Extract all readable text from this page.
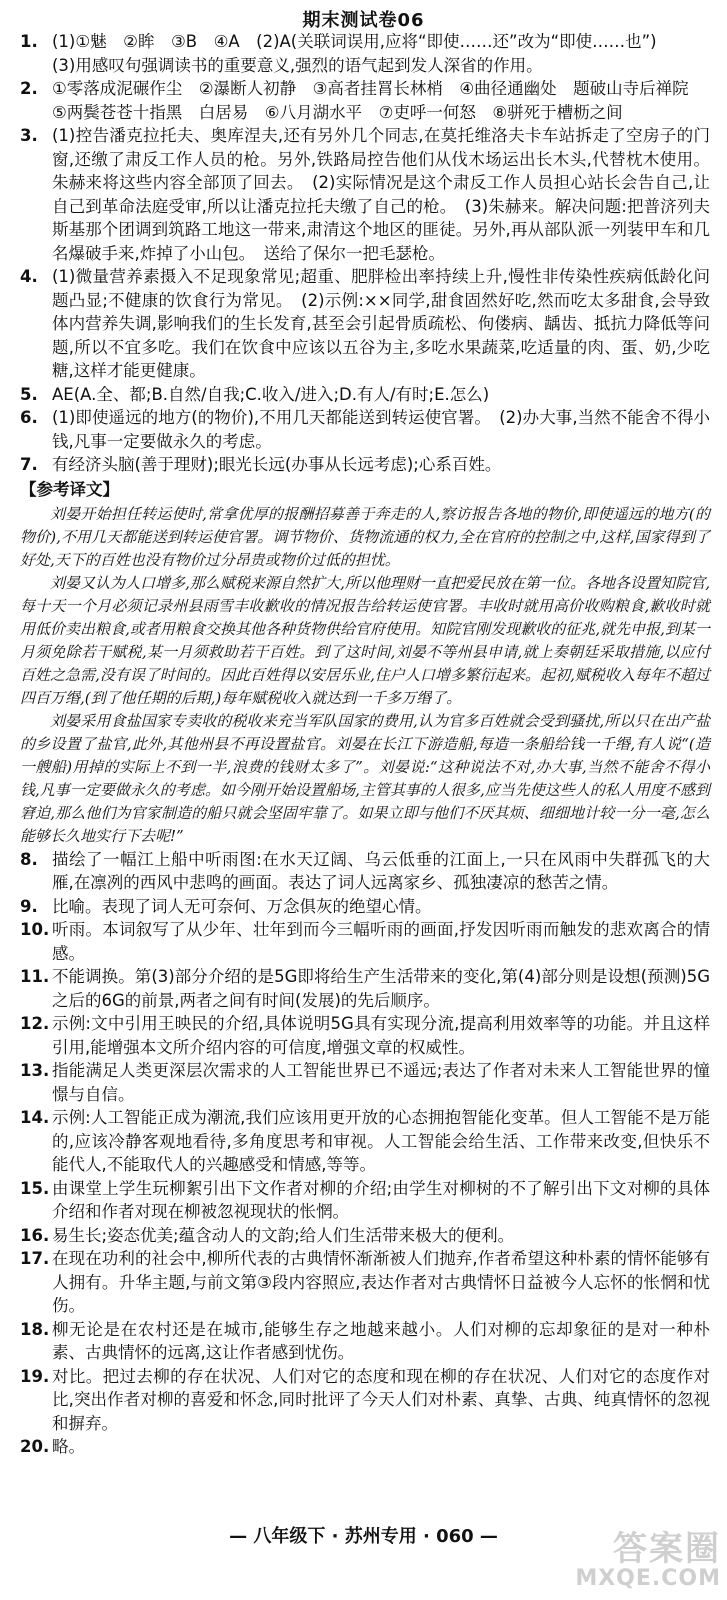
期末测试卷06
1. (1)①魅　②眸　③B　④A　(2)A(关联词误用,应将“即使……还”改为“即使……也”)
(3)用感叹句强调读书的重要意义,强烈的语气起到发人深省的作用。
2. ①零落成泥碾作尘　②瀑断人初静　③高者挂罥长林梢　④曲径通幽处　题破山寺后禅院
⑤两鬓苍苍十指黑　白居易　⑥八月湖水平　⑦吏呼一何怒　⑧骈死于槽枥之间
3. (1)控告潘克拉托夫、奥库涅夫,还有另外几个同志,在莫托维洛夫卡车站拆走了空房子的门窗,还缴了肃反工作人员的枪。另外,铁路局控告他们从伐木场运出长木头,代替枕木使用。朱赫来将这些内容全部顶了回去。　(2)实际情况是这个肃反工作人员担心站长会告自己,让自己到革命法庭受审,所以让潘克拉托夫缴了自己的枪。　(3)朱赫来。解决问题:把普济列夫斯基那个团调到筑路工地这一带来,肃清这个地区的匪徒。另外,再从部队派一列装甲车和几名爆破手来,炸掉了小山包。　送给了保尔一把毛瑟枪。
4. (1)微量营养素摄入不足现象常见;超重、肥胖检出率持续上升,慢性非传染性疾病低龄化问题凸显;不健康的饮食行为常见。　(2)示例:××同学,甜食固然好吃,然而吃太多甜食,会导致体内营养失调,影响我们的生长发育,甚至会引起骨质疏松、佝偻病、龋齿、抵抗力降低等问题,所以不宜多吃。我们在饮食中应该以五谷为主,多吃水果蔬菜,吃适量的肉、蛋、奶,少吃糖,这样才能更健康。
5. AE(A.全、都;B.自然/自我;C.收入/进入;D.有人/有时;E.怎么)
6. (1)即使遥远的地方(的物价),不用几天都能送到转运使官署。　(2)办大事,当然不能舍不得小钱,凡事一定要做永久的考虑。
7. 有经济头脑(善于理财);眼光长远(办事从长远考虑);心系百姓。
【参考译文】

刘晏开始担任转运使时,常拿优厚的报酬招募善于奔走的人,察访报告各地的物价,即使遥远的地方(的物价),不用几天都能送到转运使官署。调节物价、货物流通的权力,全在官府的控制之中,这样,国家得到了好处,天下的百姓也没有物价过分昂贵或物价过低的担忧。

刘晏又认为人口增多,那么赋税来源自然扩大,所以他理财一直把爱民放在第一位。各地各设置知院官,每十天一个月必须记录州县雨雪丰收歉收的情况报告给转运使官署。丰收时就用高价收购粮食,歉收时就用低价卖出粮食,或者用粮食交换其他各种货物供给官府使用。知院官刚发现歉收的征兆,就先申报,到某一月须免除若干赋税,某一月须救助若干百姓。到了这时间,刘晏不等州县申请,就上奏朝廷采取措施,以应付百姓之急需,没有误了时间的。因此百姓得以安居乐业,住户人口增多繁衍起来。起初,赋税收入每年不超过四百万缗,(到了他任期的后期,)每年赋税收入就达到一千多万缗了。

刘晏采用食盐国家专卖收的税收来充当军队国家的费用,认为官多百姓就会受到骚扰,所以只在出产盐的乡设置了盐官,此外,其他州县不再设置盐官。刘晏在长江下游造船,每造一条船给钱一千缗,有人说“(造一艘船)用掉的实际上不到一半,浪费的钱财太多了”。刘晏说:“这种说法不对,办大事,当然不能舍不得小钱,凡事一定要做永久的考虑。如今刚开始设置船场,主管其事的人很多,应当先使这些人的私人用度不感到窘迫,那么他们为官家制造的船只就会坚固牢靠了。如果立即与他们不厌其烦、细细地计较一分一毫,怎么能够长久地实行下去呢!”

8. 描绘了一幅江上船中听雨图:在水天辽阔、乌云低垂的江面上,一只在风雨中失群孤飞的大雁,在凛冽的西风中悲鸣的画面。表达了词人远离家乡、孤独凄凉的愁苦之情。
9. 比喻。表现了词人无可奈何、万念俱灰的绝望心情。
10. 听雨。本词叙写了从少年、壮年到而今三幅听雨的画面,抒发因听雨而触发的悲欢离合的情感。
11. 不能调换。第(3)部分介绍的是5G即将给生产生活带来的变化,第(4)部分则是设想(预测)5G之后的6G的前景,两者之间有时间(发展)的先后顺序。
12. 示例:文中引用王映民的介绍,具体说明5G具有实现分流,提高利用效率等的功能。并且这样引用,能增强本文所介绍内容的可信度,增强文章的权威性。
13. 指能满足人类更深层次需求的人工智能世界已不遥远;表达了作者对未来人工智能世界的憧憬与自信。
14. 示例:人工智能正成为潮流,我们应该用更开放的心态拥抱智能化变革。但人工智能不是万能的,应该冷静客观地看待,多角度思考和审视。人工智能会给生活、工作带来改变,但快乐不能代人,不能取代人的兴趣感受和情感,等等。
15. 由课堂上学生玩柳絮引出下文作者对柳的介绍;由学生对柳树的不了解引出下文对柳的具体介绍和作者对现在柳被忽视现状的怅惘。
16. 易生长;姿态优美;蕴含动人的文韵;给人们生活带来极大的便利。
17. 在现在功利的社会中,柳所代表的古典情怀渐渐被人们抛弃,作者希望这种朴素的情怀能够有人拥有。升华主题,与前文第③段内容照应,表达作者对古典情怀日益被今人忘怀的怅惘和忧伤。
18. 柳无论是在农村还是在城市,能够生存之地越来越小。人们对柳的忘却象征的是对一种朴素、古典情怀的远离,这让作者感到忧伤。
19. 对比。把过去柳的存在状况、人们对它的态度和现在柳的存在状况、人们对它的态度作对比,突出作者对柳的喜爱和怀念,同时批评了今天人们对朴素、真挚、古典、纯真情怀的忽视和摒弃。
20. 略。
— 八年级下 · 苏州专用 · 060 —	答案圈
MXQE.COM
